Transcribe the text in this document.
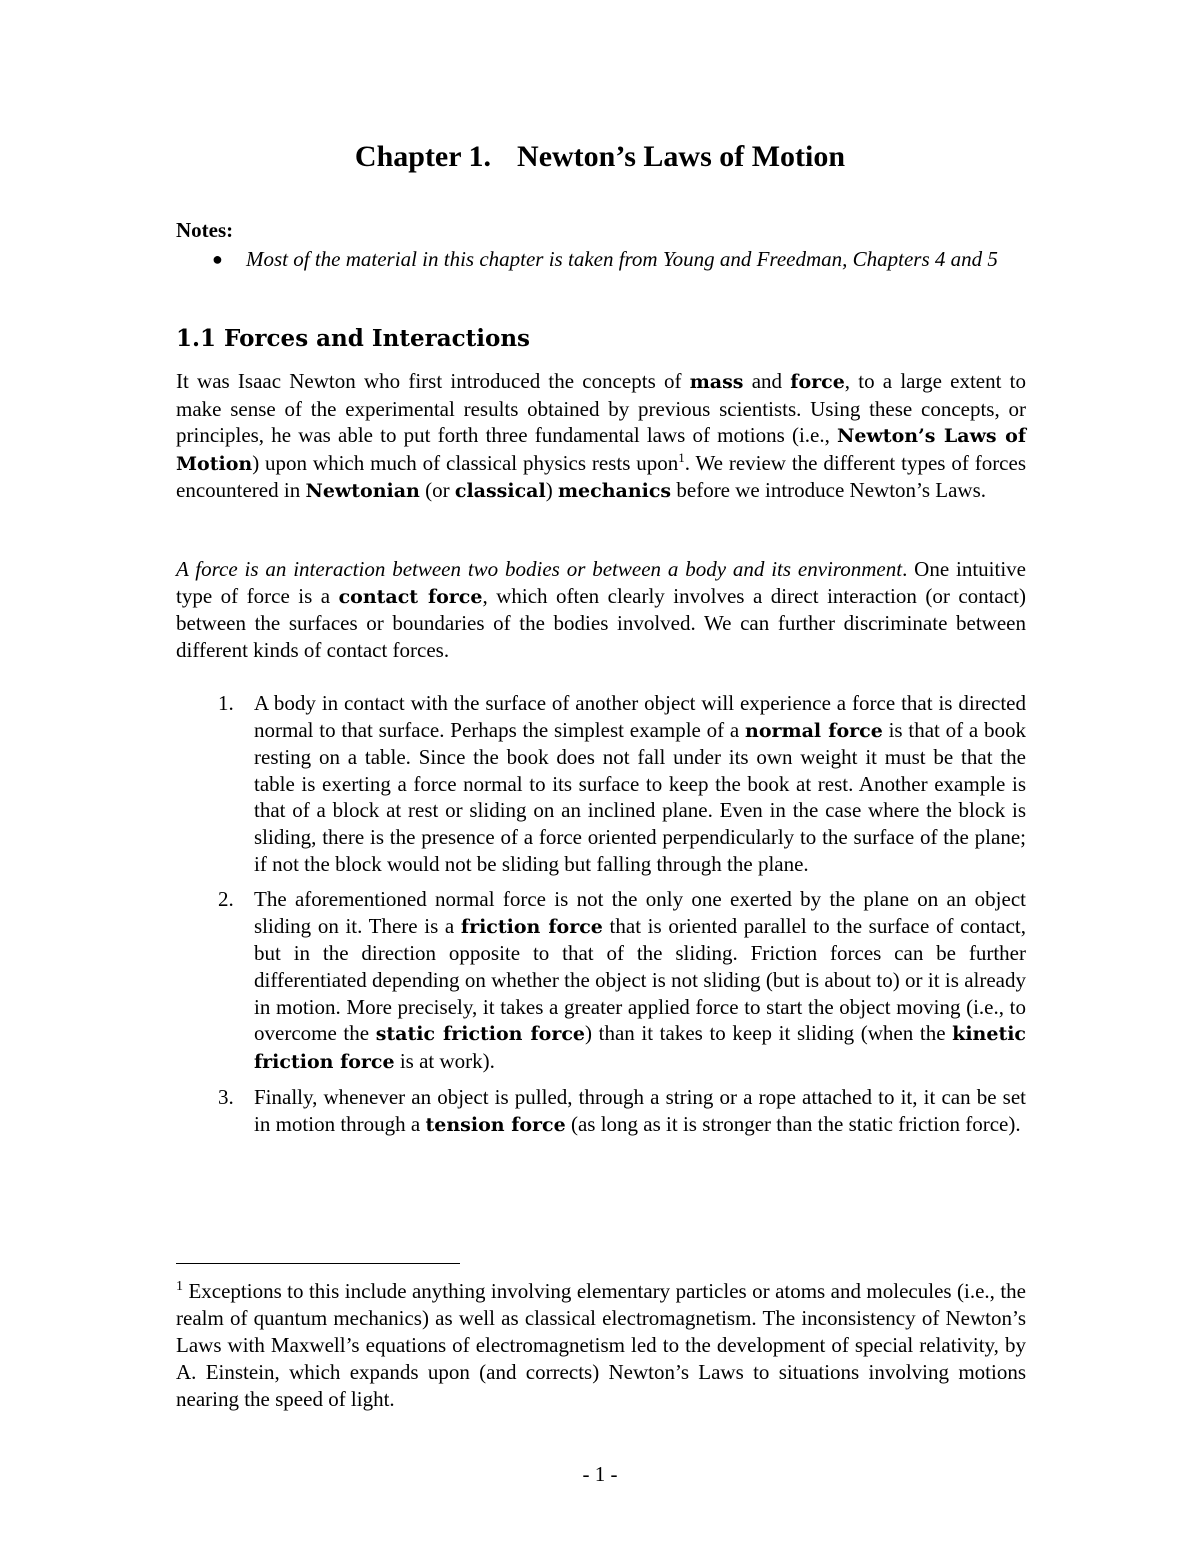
Chapter 1. Newton’s Laws of Motion
Notes:
● Most of the material in this chapter is taken from Young and Freedman, Chapters 4 and 5
1.1 Forces and Interactions

It was Isaac Newton who first introduced the concepts of mass and force, to a large extent to make sense of the experimental results obtained by previous scientists. Using these concepts, or principles, he was able to put forth three fundamental laws of motions (i.e., Newton’s Laws of Motion) upon which much of classical physics rests upon$^1$. We review the different types of forces encountered in Newtonian (or classical) mechanics before we introduce Newton’s Laws.

A force is an interaction between two bodies or between a body and its environment. One intuitive type of force is a contact force, which often clearly involves a direct interaction (or contact) between the surfaces or boundaries of the bodies involved. We can further discriminate between different kinds of contact forces.

1. A body in contact with the surface of another object will experience a force that is directed normal to that surface. Perhaps the simplest example of a normal force is that of a book resting on a table. Since the book does not fall under its own weight it must be that the table is exerting a force normal to its surface to keep the book at rest. Another example is that of a block at rest or sliding on an inclined plane. Even in the case where the block is sliding, there is the presence of a force oriented perpendicularly to the surface of the plane; if not the block would not be sliding but falling through the plane.
2. The aforementioned normal force is not the only one exerted by the plane on an object sliding on it. There is a friction force that is oriented parallel to the surface of contact, but in the direction opposite to that of the sliding. Friction forces can be further differentiated depending on whether the object is not sliding (but is about to) or it is already in motion. More precisely, it takes a greater applied force to start the object moving (i.e., to overcome the static friction force) than it takes to keep it sliding (when the kinetic friction force is at work).
3. Finally, whenever an object is pulled, through a string or a rope attached to it, it can be set in motion through a tension force (as long as it is stronger than the static friction force).

$^1$ Exceptions to this include anything involving elementary particles or atoms and molecules (i.e., the realm of quantum mechanics) as well as classical electromagnetism. The inconsistency of Newton’s Laws with Maxwell’s equations of electromagnetism led to the development of special relativity, by A. Einstein, which expands upon (and corrects) Newton’s Laws to situations involving motions nearing the speed of light.

- 1 -
